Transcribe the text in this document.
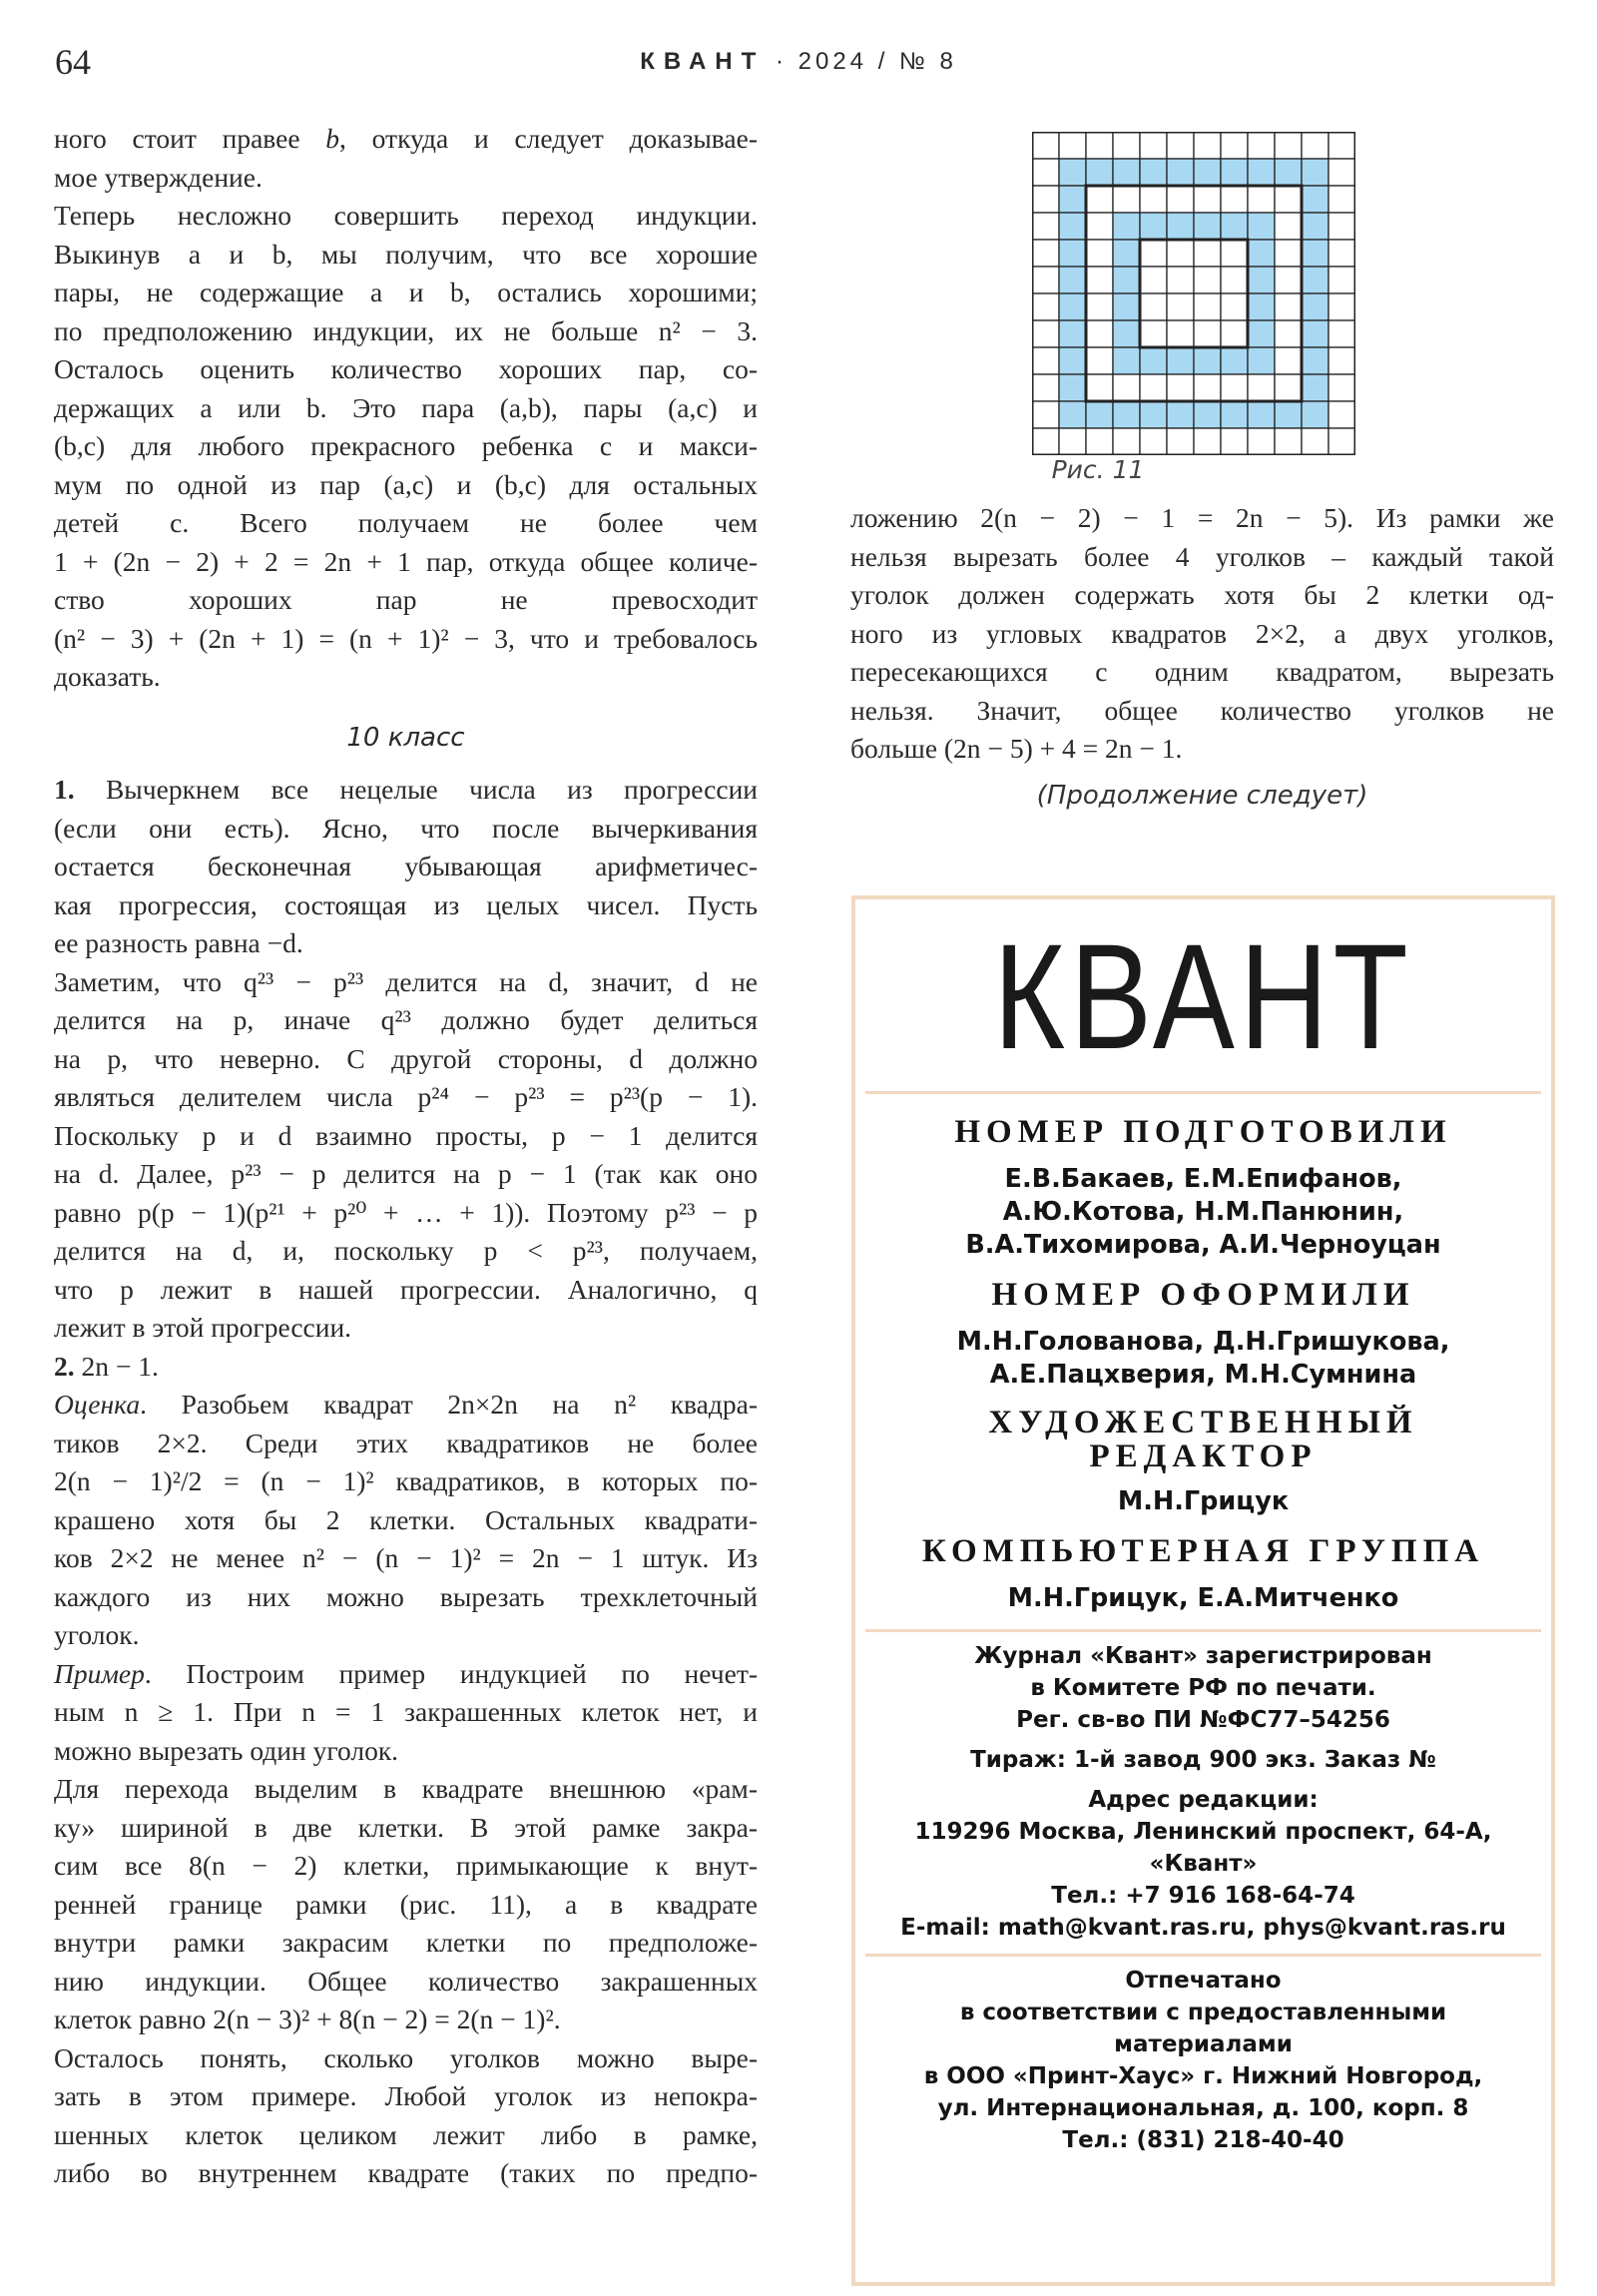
64	КВАНТ · 2024 / № 8

ного стоит правее b, откуда и следует доказывае-

мое утверждение.

Теперь несложно совершить переход индукции.

Выкинув a и b, мы получим, что все хорошие

пары, не содержащие a и b, остались хорошими;

по предположению индукции, их не больше n² − 3.

Осталось оценить количество хороших пар, со-

держащих a или b. Это пара (a,b), пары (a,c) и

(b,c) для любого прекрасного ребенка c и макси-

мум по одной из пар (a,c) и (b,c) для остальных

детей c. Всего получаем не более чем

1 + (2n − 2) + 2 = 2n + 1 пар, откуда общее количе-

ство хороших пар не превосходит

(n² − 3) + (2n + 1) = (n + 1)² − 3, что и требовалось

доказать.

10 класс

1. Вычеркнем все нецелые числа из прогрессии

(если они есть). Ясно, что после вычеркивания

остается бесконечная убывающая арифметичес-

кая прогрессия, состоящая из целых чисел. Пусть

ее разность равна −d.

Заметим, что q²³ − p²³ делится на d, значит, d не

делится на p, иначе q²³ должно будет делиться

на p, что неверно. С другой стороны, d должно

являться делителем числа p²⁴ − p²³ = p²³(p − 1).

Поскольку p и d взаимно просты, p − 1 делится

на d. Далее, p²³ − p делится на p − 1 (так как оно

равно p(p − 1)(p²¹ + p²⁰ + … + 1)). Поэтому p²³ − p

делится на d, и, поскольку p < p²³, получаем,

что p лежит в нашей прогрессии. Аналогично, q

лежит в этой прогрессии.

2. 2n − 1.

Оценка. Разобьем квадрат 2n×2n на n² квадра-

тиков 2×2. Среди этих квадратиков не более

2(n − 1)²/2 = (n − 1)² квадратиков, в которых по-

крашено хотя бы 2 клетки. Остальных квадрати-

ков 2×2 не менее n² − (n − 1)² = 2n − 1 штук. Из

каждого из них можно вырезать трехклеточный

уголок.

Пример. Построим пример индукцией по нечет-

ным n ≥ 1. При n = 1 закрашенных клеток нет, и

можно вырезать один уголок.

Для перехода выделим в квадрате внешнюю «рам-

ку» шириной в две клетки. В этой рамке закра-

сим все 8(n − 2) клетки, примыкающие к внут-

ренней границе рамки (рис. 11), а в квадрате

внутри рамки закрасим клетки по предположе-

нию индукции. Общее количество закрашенных

клеток равно 2(n − 3)² + 8(n − 2) = 2(n − 1)².

Осталось понять, сколько уголков можно выре-

зать в этом примере. Любой уголок из непокра-

шенных клеток целиком лежит либо в рамке,

либо во внутреннем квадрате (таких по предпо-

Рис. 11

ложению 2(n − 2) − 1 = 2n − 5). Из рамки же

нельзя вырезать более 4 уголков – каждый такой

уголок должен содержать хотя бы 2 клетки од-

ного из угловых квадратов 2×2, а двух уголков,

пересекающихся с одним квадратом, вырезать

нельзя. Значит, общее количество уголков не

больше (2n − 5) + 4 = 2n − 1.

(Продолжение следует)
КВАНТ
НОМЕР ПОДГОТОВИЛИ
Е.В.Бакаев, Е.М.Епифанов,
А.Ю.Котова, Н.М.Панюнин,
В.А.Тихомирова, А.И.Черноуцан
НОМЕР ОФОРМИЛИ
М.Н.Голованова, Д.Н.Гришукова,
А.Е.Пацхверия, М.Н.Сумнина
ХУДОЖЕСТВЕННЫЙ
РЕДАКТОР
М.Н.Грицук
КОМПЬЮТЕРНАЯ ГРУППА
М.Н.Грицук, Е.А.Митченко
Журнал «Квант» зарегистрирован
в Комитете РФ по печати.
Рег. св-во ПИ №ФС77–54256
Тираж: 1-й завод 900 экз. Заказ №
Адрес редакции:
119296 Москва, Ленинский проспект, 64-А,
«Квант»
Тел.: +7 916 168-64-74
E-mail: math@kvant.ras.ru, phys@kvant.ras.ru
Отпечатано
в соответствии с предоставленными
материалами
в ООО «Принт-Хаус» г. Нижний Новгород,
ул. Интернациональная, д. 100, корп. 8
Тел.: (831) 218-40-40
